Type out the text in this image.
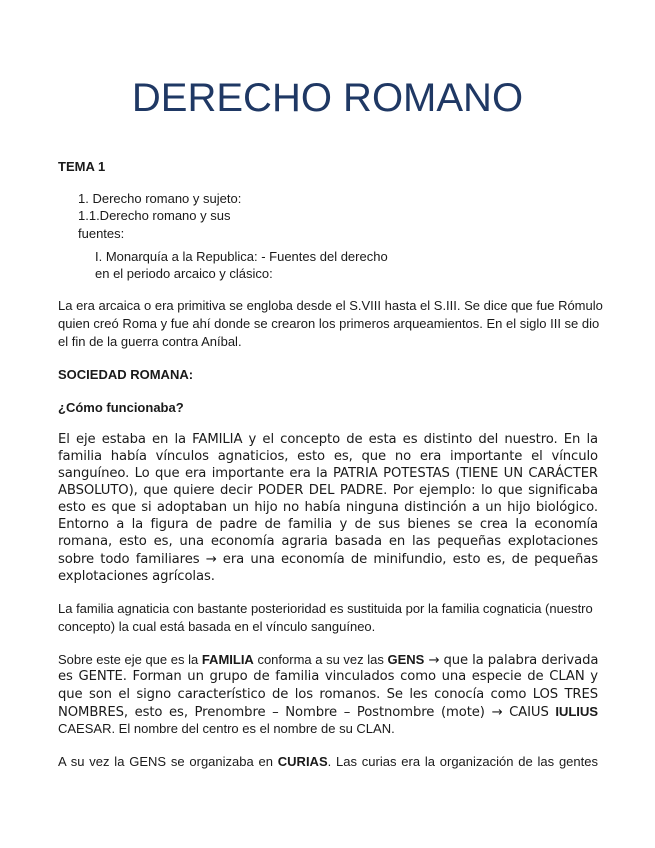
DERECHO ROMANO
TEMA 1
1. Derecho romano y sujeto:
1.1.Derecho romano y sus
fuentes:
I. Monarquía a la Republica: - Fuentes del derecho
en el periodo arcaico y clásico:
La era arcaica o era primitiva se engloba desde el S.VIII hasta el S.III. Se dice que fue Rómulo
quien creó Roma y fue ahí donde se crearon los primeros arqueamientos. En el siglo III se dio
el fin de la guerra contra Aníbal.
SOCIEDAD ROMANA:
¿Cómo funcionaba?
El eje estaba en la FAMILIA y el concepto de esta es distinto del nuestro. En la
familia había vínculos agnaticios, esto es, que no era importante el vínculo
sanguíneo. Lo que era importante era la PATRIA POTESTAS (TIENE UN CARÁCTER
ABSOLUTO), que quiere decir PODER DEL PADRE. Por ejemplo: lo que significaba
esto es que si adoptaban un hijo no había ninguna distinción a un hijo biológico.
Entorno a la figura de padre de familia y de sus bienes se crea la economía
romana, esto es, una economía agraria basada en las pequeñas explotaciones
sobre todo familiares → era una economía de minifundio, esto es, de pequeñas
explotaciones agrícolas.
La familia agnaticia con bastante posterioridad es sustituida por la familia cognaticia (nuestro
concepto) la cual está basada en el vínculo sanguíneo.
Sobre este eje que es la FAMILIA conforma a su vez las GENS → que la palabra derivada
es GENTE. Forman un grupo de familia vinculados como una especie de CLAN y
que son el signo característico de los romanos. Se les conocía como LOS TRES
NOMBRES, esto es, Prenombre – Nombre – Postnombre (mote) → CAIUS IULIUS
CAESAR. El nombre del centro es el nombre de su CLAN.
A su vez la GENS se organizaba en CURIAS. Las curias era la organización de las gentes
